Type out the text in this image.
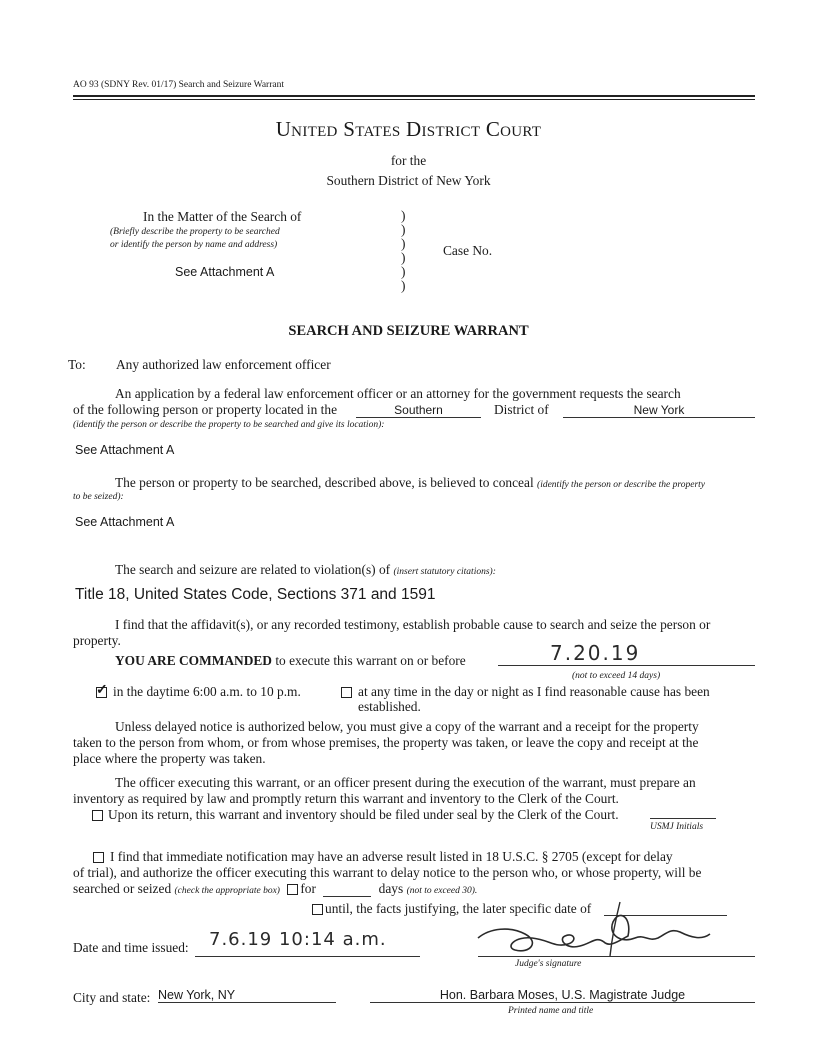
AO 93 (SDNY Rev. 01/17) Search and Seizure Warrant
United States District Court
for the
Southern District of New York
In the Matter of the Search of
(Briefly describe the property to be searched
or identify the person by name and address)
See Attachment A
)
)
)
)
)
)
Case No.
SEARCH AND SEIZURE WARRANT
To: Any authorized law enforcement officer
An application by a federal law enforcement officer or an attorney for the government requests the search
of the following person or property located in the	Southern	District of	New York
(identify the person or describe the property to be searched and give its location):
See Attachment A
The person or property to be searched, described above, is believed to conceal (identify the person or describe the property
to be seized):
See Attachment A
The search and seizure are related to violation(s) of (insert statutory citations):
Title 18, United States Code, Sections 371 and 1591
I find that the affidavit(s), or any recorded testimony, establish probable cause to search and seize the person or
property.
YOU ARE COMMANDED to execute this warrant on or before	7.20.19
(not to exceed 14 days)
✓ in the daytime 6:00 a.m. to 10 p.m.	at any time in the day or night as I find reasonable cause has been
established.
Unless delayed notice is authorized below, you must give a copy of the warrant and a receipt for the property
taken to the person from whom, or from whose premises, the property was taken, or leave the copy and receipt at the
place where the property was taken.
The officer executing this warrant, or an officer present during the execution of the warrant, must prepare an
inventory as required by law and promptly return this warrant and inventory to the Clerk of the Court.
Upon its return, this warrant and inventory should be filed under seal by the Clerk of the Court.
USMJ Initials
I find that immediate notification may have an adverse result listed in 18 U.S.C. § 2705 (except for delay
of trial), and authorize the officer executing this warrant to delay notice to the person who, or whose property, will be
searched or seized (check the appropriate box) for	days (not to exceed 30).
until, the facts justifying, the later specific date of
Date and time issued: 7.6.19 10:14 a.m.
Judge's signature
City and state: New York, NY	Hon. Barbara Moses, U.S. Magistrate Judge
Printed name and title
